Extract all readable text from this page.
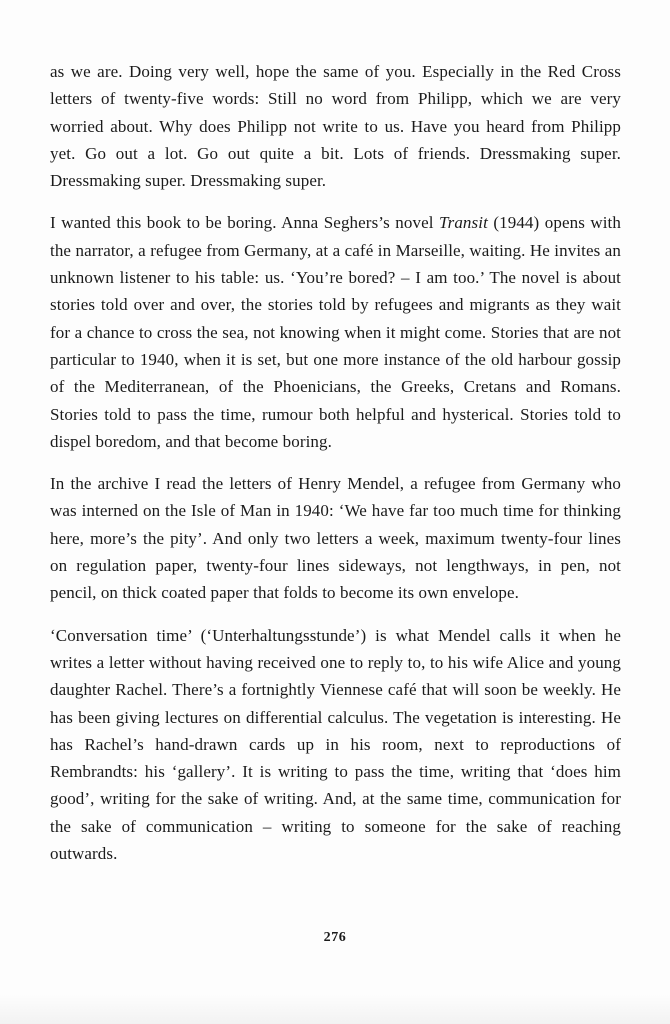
as we are. Doing very well, hope the same of you. Especially in the Red Cross letters of twenty-five words: Still no word from Philipp, which we are very worried about. Why does Philipp not write to us. Have you heard from Philipp yet. Go out a lot. Go out quite a bit. Lots of friends. Dressmaking super. Dressmaking super. Dressmaking super.

I wanted this book to be boring. Anna Seghers’s novel Transit (1944) opens with the narrator, a refugee from Germany, at a café in Marseille, waiting. He invites an unknown listener to his table: us. ‘You’re bored? – I am too.’ The novel is about stories told over and over, the stories told by refugees and migrants as they wait for a chance to cross the sea, not knowing when it might come. Stories that are not particular to 1940, when it is set, but one more instance of the old harbour gossip of the Mediterranean, of the Phoenicians, the Greeks, Cretans and Romans. Stories told to pass the time, rumour both helpful and hysterical. Stories told to dispel boredom, and that become boring.

In the archive I read the letters of Henry Mendel, a refugee from Germany who was interned on the Isle of Man in 1940: ‘We have far too much time for thinking here, more’s the pity’. And only two letters a week, maximum twenty-four lines on regulation paper, twenty-four lines sideways, not lengthways, in pen, not pencil, on thick coated paper that folds to become its own envelope.

‘Conversation time’ (‘Unterhaltungsstunde’) is what Mendel calls it when he writes a letter without having received one to reply to, to his wife Alice and young daughter Rachel. There’s a fortnightly Viennese café that will soon be weekly. He has been giving lectures on differential calculus. The vegetation is interesting. He has Rachel’s hand-drawn cards up in his room, next to reproductions of Rembrandts: his ‘gallery’. It is writing to pass the time, writing that ‘does him good’, writing for the sake of writing. And, at the same time, communication for the sake of communication – writing to someone for the sake of reaching outwards.

276
